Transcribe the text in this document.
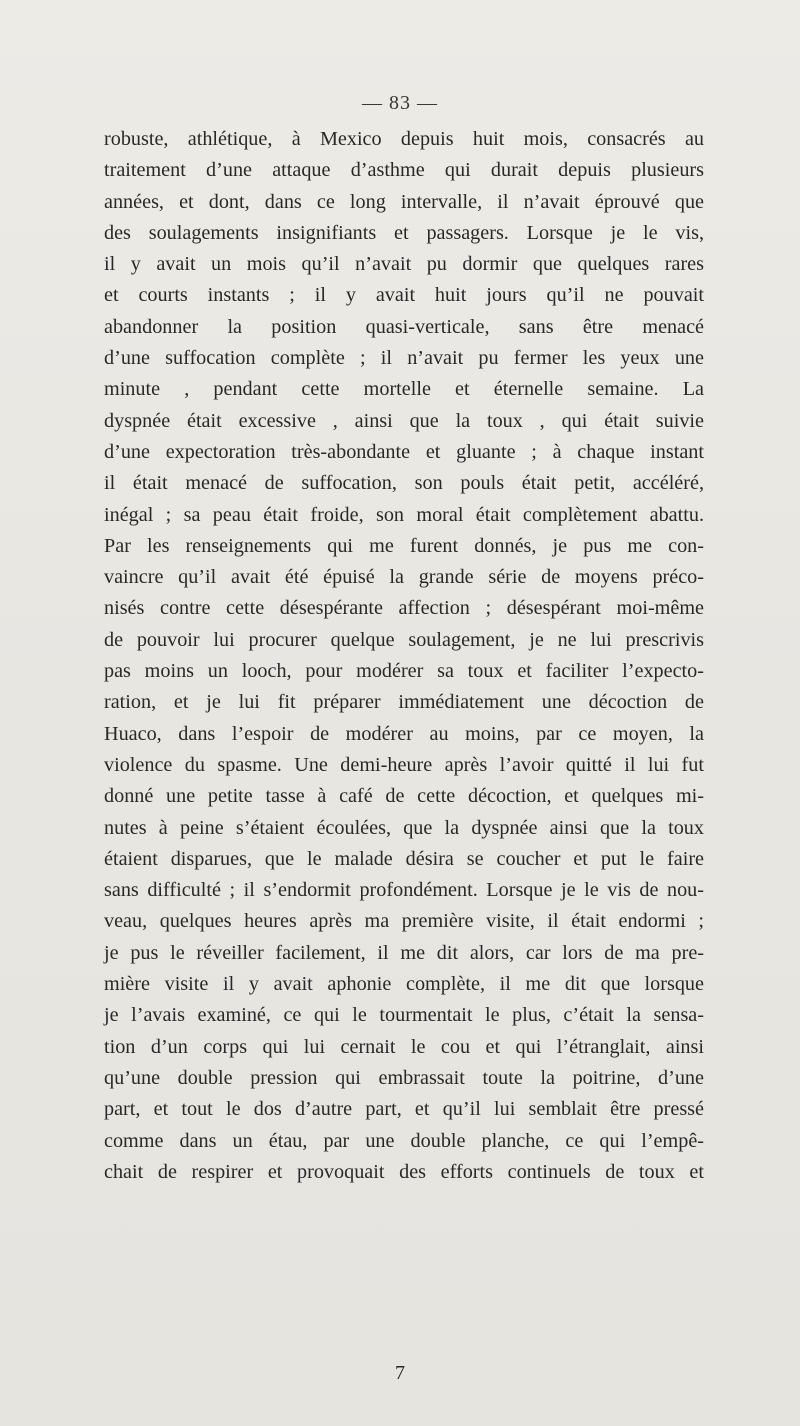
— 83 —
robuste, athlétique, à Mexico depuis huit mois, consacrés au
traitement d’une attaque d’asthme qui durait depuis plusieurs
années, et dont, dans ce long intervalle, il n’avait éprouvé que
des soulagements insignifiants et passagers. Lorsque je le vis,
il y avait un mois qu’il n’avait pu dormir que quelques rares
et courts instants ; il y avait huit jours qu’il ne pouvait
abandonner la position quasi-verticale, sans être menacé
d’une suffocation complète ; il n’avait pu fermer les yeux une
minute , pendant cette mortelle et éternelle semaine. La
dyspnée était excessive , ainsi que la toux , qui était suivie
d’une expectoration très-abondante et gluante ; à chaque instant
il était menacé de suffocation, son pouls était petit, accéléré,
inégal ; sa peau était froide, son moral était complètement abattu.
Par les renseignements qui me furent donnés, je pus me con-
vaincre qu’il avait été épuisé la grande série de moyens préco-
nisés contre cette désespérante affection ; désespérant moi-même
de pouvoir lui procurer quelque soulagement, je ne lui prescrivis
pas moins un looch, pour modérer sa toux et faciliter l’expecto-
ration, et je lui fit préparer immédiatement une décoction de
Huaco, dans l’espoir de modérer au moins, par ce moyen, la
violence du spasme. Une demi-heure après l’avoir quitté il lui fut
donné une petite tasse à café de cette décoction, et quelques mi-
nutes à peine s’étaient écoulées, que la dyspnée ainsi que la toux
étaient disparues, que le malade désira se coucher et put le faire
sans difficulté ; il s’endormit profondément. Lorsque je le vis de nou-
veau, quelques heures après ma première visite, il était endormi ;
je pus le réveiller facilement, il me dit alors, car lors de ma pre-
mière visite il y avait aphonie complète, il me dit que lorsque
je l’avais examiné, ce qui le tourmentait le plus, c’était la sensa-
tion d’un corps qui lui cernait le cou et qui l’étranglait, ainsi
qu’une double pression qui embrassait toute la poitrine, d’une
part, et tout le dos d’autre part, et qu’il lui semblait être pressé
comme dans un étau, par une double planche, ce qui l’empê-
chait de respirer et provoquait des efforts continuels de toux et
7
